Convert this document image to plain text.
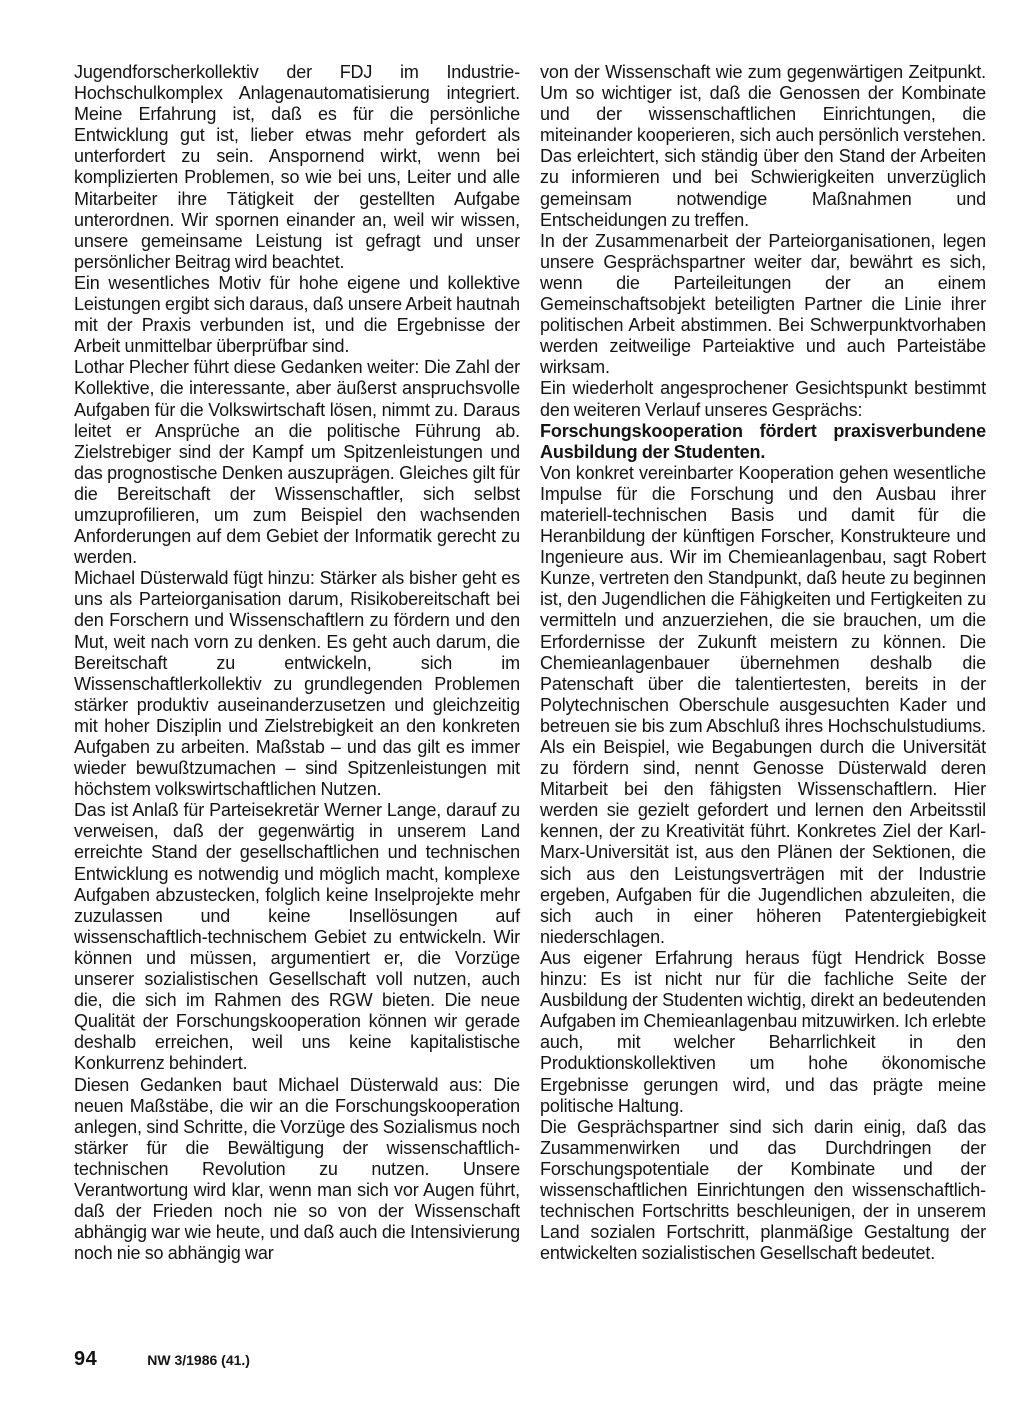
Jugendforscherkollektiv der FDJ im Industrie-Hochschulkomplex Anlagenautomatisierung integriert. Meine Erfahrung ist, daß es für die persönliche Entwicklung gut ist, lieber etwas mehr gefordert als unterfordert zu sein. Anspornend wirkt, wenn bei komplizierten Problemen, so wie bei uns, Leiter und alle Mitarbeiter ihre Tätigkeit der gestellten Aufgabe unterordnen. Wir spornen einander an, weil wir wissen, unsere gemeinsame Leistung ist gefragt und unser persönlicher Beitrag wird beachtet.

Ein wesentliches Motiv für hohe eigene und kollektive Leistungen ergibt sich daraus, daß unsere Arbeit hautnah mit der Praxis verbunden ist, und die Ergebnisse der Arbeit unmittelbar überprüfbar sind.

Lothar Plecher führt diese Gedanken weiter: Die Zahl der Kollektive, die interessante, aber äußerst anspruchsvolle Aufgaben für die Volkswirtschaft lösen, nimmt zu. Daraus leitet er Ansprüche an die politische Führung ab. Zielstrebiger sind der Kampf um Spitzenleistungen und das prognostische Denken auszuprägen. Gleiches gilt für die Bereitschaft der Wissenschaftler, sich selbst umzuprofilieren, um zum Beispiel den wachsenden Anforderungen auf dem Gebiet der Informatik gerecht zu werden.

Michael Düsterwald fügt hinzu: Stärker als bisher geht es uns als Parteiorganisation darum, Risikobereitschaft bei den Forschern und Wissenschaftlern zu fördern und den Mut, weit nach vorn zu denken. Es geht auch darum, die Bereitschaft zu entwickeln, sich im Wissenschaftlerkollektiv zu grundlegenden Problemen stärker produktiv auseinanderzusetzen und gleichzeitig mit hoher Disziplin und Zielstrebigkeit an den konkreten Aufgaben zu arbeiten. Maßstab – und das gilt es immer wieder bewußtzumachen – sind Spitzenleistungen mit höchstem volkswirtschaftlichen Nutzen.

Das ist Anlaß für Parteisekretär Werner Lange, darauf zu verweisen, daß der gegenwärtig in unserem Land erreichte Stand der gesellschaftlichen und technischen Entwicklung es notwendig und möglich macht, komplexe Aufgaben abzustecken, folglich keine Inselprojekte mehr zuzulassen und keine Insellösungen auf wissenschaftlich-technischem Gebiet zu entwickeln. Wir können und müssen, argumentiert er, die Vorzüge unserer sozialistischen Gesellschaft voll nutzen, auch die, die sich im Rahmen des RGW bieten. Die neue Qualität der Forschungskooperation können wir gerade deshalb erreichen, weil uns keine kapitalistische Konkurrenz behindert.

Diesen Gedanken baut Michael Düsterwald aus: Die neuen Maßstäbe, die wir an die Forschungskooperation anlegen, sind Schritte, die Vorzüge des Sozialismus noch stärker für die Bewältigung der wissenschaftlich-technischen Revolution zu nutzen. Unsere Verantwortung wird klar, wenn man sich vor Augen führt, daß der Frieden noch nie so von der Wissenschaft abhängig war wie heute, und daß auch die Intensivierung noch nie so abhängig war

von der Wissenschaft wie zum gegenwärtigen Zeitpunkt. Um so wichtiger ist, daß die Genossen der Kombinate und der wissenschaftlichen Einrichtungen, die miteinander kooperieren, sich auch persönlich verstehen. Das erleichtert, sich ständig über den Stand der Arbeiten zu informieren und bei Schwierigkeiten unverzüglich gemeinsam notwendige Maßnahmen und Entscheidungen zu treffen.

In der Zusammenarbeit der Parteiorganisationen, legen unsere Gesprächspartner weiter dar, bewährt es sich, wenn die Parteileitungen der an einem Gemeinschaftsobjekt beteiligten Partner die Linie ihrer politischen Arbeit abstimmen. Bei Schwerpunktvorhaben werden zeitweilige Parteiaktive und auch Parteistäbe wirksam.

Ein wiederholt angesprochener Gesichtspunkt bestimmt den weiteren Verlauf unseres Gesprächs:

Forschungskooperation fördert praxisverbundene Ausbildung der Studenten.

Von konkret vereinbarter Kooperation gehen wesentliche Impulse für die Forschung und den Ausbau ihrer materiell-technischen Basis und damit für die Heranbildung der künftigen Forscher, Konstrukteure und Ingenieure aus. Wir im Chemieanlagenbau, sagt Robert Kunze, vertreten den Standpunkt, daß heute zu beginnen ist, den Jugendlichen die Fähigkeiten und Fertigkeiten zu vermitteln und anzuerziehen, die sie brauchen, um die Erfordernisse der Zukunft meistern zu können. Die Chemieanlagenbauer übernehmen deshalb die Patenschaft über die talentiertesten, bereits in der Polytechnischen Oberschule ausgesuchten Kader und betreuen sie bis zum Abschluß ihres Hochschulstudiums. Als ein Beispiel, wie Begabungen durch die Universität zu fördern sind, nennt Genosse Düsterwald deren Mitarbeit bei den fähigsten Wissenschaftlern. Hier werden sie gezielt gefordert und lernen den Arbeitsstil kennen, der zu Kreativität führt. Konkretes Ziel der Karl-Marx-Universität ist, aus den Plänen der Sektionen, die sich aus den Leistungsverträgen mit der Industrie ergeben, Aufgaben für die Jugendlichen abzuleiten, die sich auch in einer höheren Patentergiebigkeit niederschlagen.

Aus eigener Erfahrung heraus fügt Hendrick Bosse hinzu: Es ist nicht nur für die fachliche Seite der Ausbildung der Studenten wichtig, direkt an bedeutenden Aufgaben im Chemieanlagenbau mitzuwirken. Ich erlebte auch, mit welcher Beharrlichkeit in den Produktionskollektiven um hohe ökonomische Ergebnisse gerungen wird, und das prägte meine politische Haltung.

Die Gesprächspartner sind sich darin einig, daß das Zusammenwirken und das Durchdringen der Forschungspotentiale der Kombinate und der wissenschaftlichen Einrichtungen den wissenschaftlich-technischen Fortschritts beschleunigen, der in unserem Land sozialen Fortschritt, planmäßige Gestaltung der entwickelten sozialistischen Gesellschaft bedeutet.

94	NW 3/1986 (41.)
